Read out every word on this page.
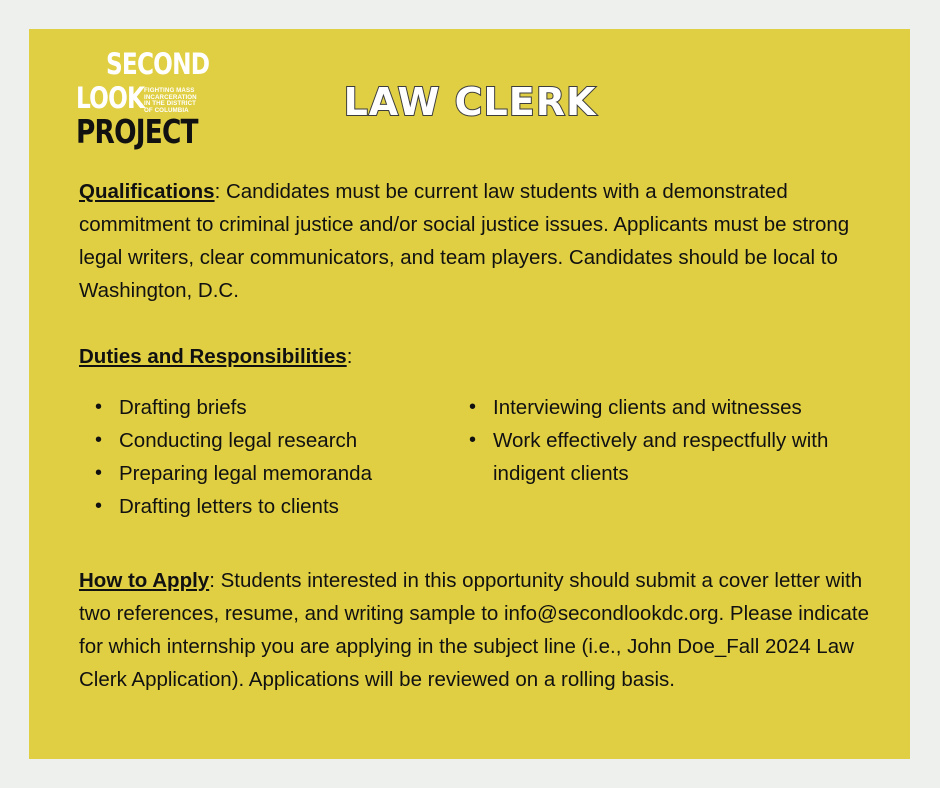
SECOND
LOOK FIGHTING MASS
INCARCERATION
IN THE DISTRICT
OF COLUMBIA
PROJECT
LAW CLERK
Qualifications: Candidates must be current law students with a demonstrated commitment to criminal justice and/or social justice issues. Applicants must be strong legal writers, clear communicators, and team players. Candidates should be local to Washington, D.C.
Duties and Responsibilities:
• Drafting briefs
• Conducting legal research
• Preparing legal memoranda
• Drafting letters to clients
• Interviewing clients and witnesses
• Work effectively and respectfully with indigent clients
How to Apply: Students interested in this opportunity should submit a cover letter with two references, resume, and writing sample to info@secondlookdc.org. Please indicate for which internship you are applying in the subject line (i.e., John Doe_Fall 2024 Law Clerk Application). Applications will be reviewed on a rolling basis.
